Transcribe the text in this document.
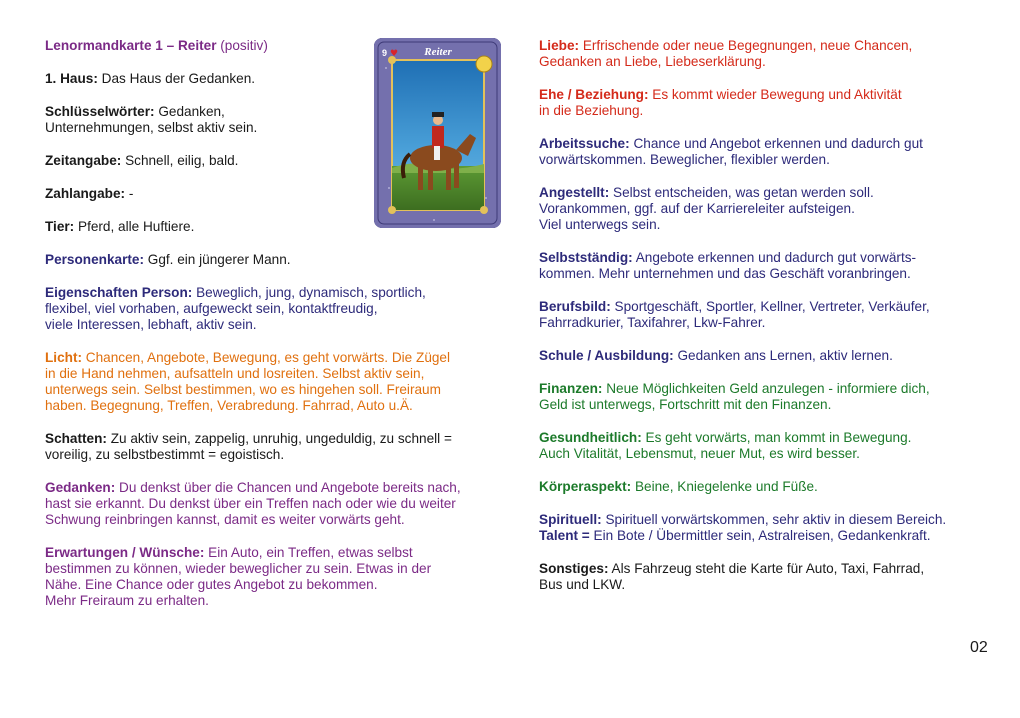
Lenormandkarte 1 – Reiter (positiv)
1. Haus: Das Haus der Gedanken.
Schlüsselwörter: Gedanken,
Unternehmungen, selbst aktiv sein.
Zeitangabe: Schnell, eilig, bald.
Zahlangabe: -
Tier: Pferd, alle Huftiere.
Personenkarte: Ggf. ein jüngerer Mann.
Eigenschaften Person: Beweglich, jung, dynamisch, sportlich,
flexibel, viel vorhaben, aufgeweckt sein, kontaktfreudig,
viele Interessen, lebhaft, aktiv sein.
Licht: Chancen, Angebote, Bewegung, es geht vorwärts. Die Zügel
in die Hand nehmen, aufsatteln und losreiten. Selbst aktiv sein,
unterwegs sein. Selbst bestimmen, wo es hingehen soll. Freiraum
haben. Begegnung, Treffen, Verabredung. Fahrrad, Auto u.Ä.
Schatten: Zu aktiv sein, zappelig, unruhig, ungeduldig, zu schnell =
voreilig, zu selbstbestimmt = egoistisch.
Gedanken: Du denkst über die Chancen und Angebote bereits nach,
hast sie erkannt. Du denkst über ein Treffen nach oder wie du weiter
Schwung reinbringen kannst, damit es weiter vorwärts geht.
Erwartungen / Wünsche: Ein Auto, ein Treffen, etwas selbst
bestimmen zu können, wieder beweglicher zu sein. Etwas in der
Nähe. Eine Chance oder gutes Angebot zu bekommen.
Mehr Freiraum zu erhalten.
9 ♥ Reiter	Liebe: Erfrischende oder neue Begegnungen, neue Chancen,
Gedanken an Liebe, Liebeserklärung.
Ehe / Beziehung: Es kommt wieder Bewegung und Aktivität
in die Beziehung.
Arbeitssuche: Chance und Angebot erkennen und dadurch gut
vorwärtskommen. Beweglicher, flexibler werden.
Angestellt: Selbst entscheiden, was getan werden soll.
Vorankommen, ggf. auf der Karriereleiter aufsteigen.
Viel unterwegs sein.
Selbstständig: Angebote erkennen und dadurch gut vorwärts-
kommen. Mehr unternehmen und das Geschäft voranbringen.
Berufsbild: Sportgeschäft, Sportler, Kellner, Vertreter, Verkäufer,
Fahrradkurier, Taxifahrer, Lkw-Fahrer.
Schule / Ausbildung: Gedanken ans Lernen, aktiv lernen.
Finanzen: Neue Möglichkeiten Geld anzulegen - informiere dich,
Geld ist unterwegs, Fortschritt mit den Finanzen.
Gesundheitlich: Es geht vorwärts, man kommt in Bewegung.
Auch Vitalität, Lebensmut, neuer Mut, es wird besser.
Körperaspekt: Beine, Kniegelenke und Füße.
Spirituell: Spirituell vorwärtskommen, sehr aktiv in diesem Bereich.
Talent = Ein Bote / Übermittler sein, Astralreisen, Gedankenkraft.
Sonstiges: Als Fahrzeug steht die Karte für Auto, Taxi, Fahrrad,
Bus und LKW.
02
